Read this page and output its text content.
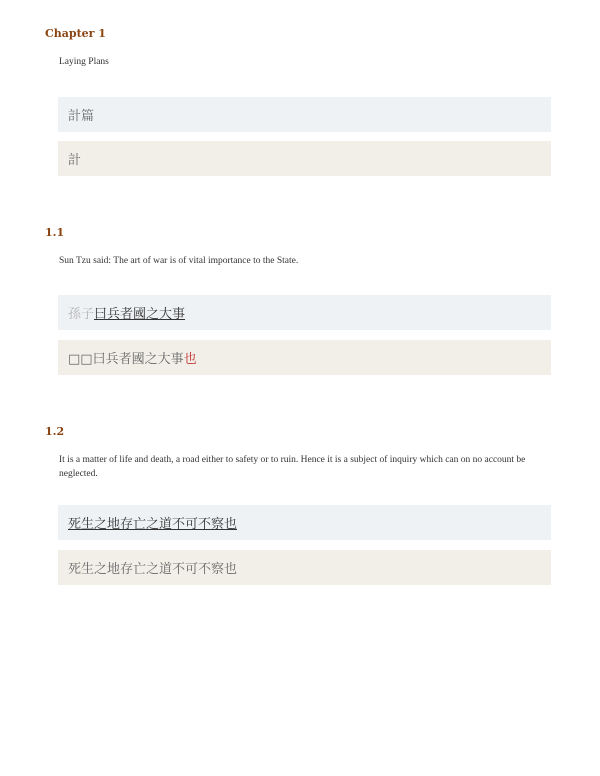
Chapter 1

Laying Plans

計篇
計
1.1

Sun Tzu said: The art of war is of vital importance to the State.

孫子 曰兵者國之大事
□□曰兵者國之大事 也
1.2

It is a matter of life and death, a road either to safety or to ruin. Hence it is a subject of inquiry which can on no account be neglected.

死生之地存亡之道不可不察也
死生之地存亡之道不可不察也
